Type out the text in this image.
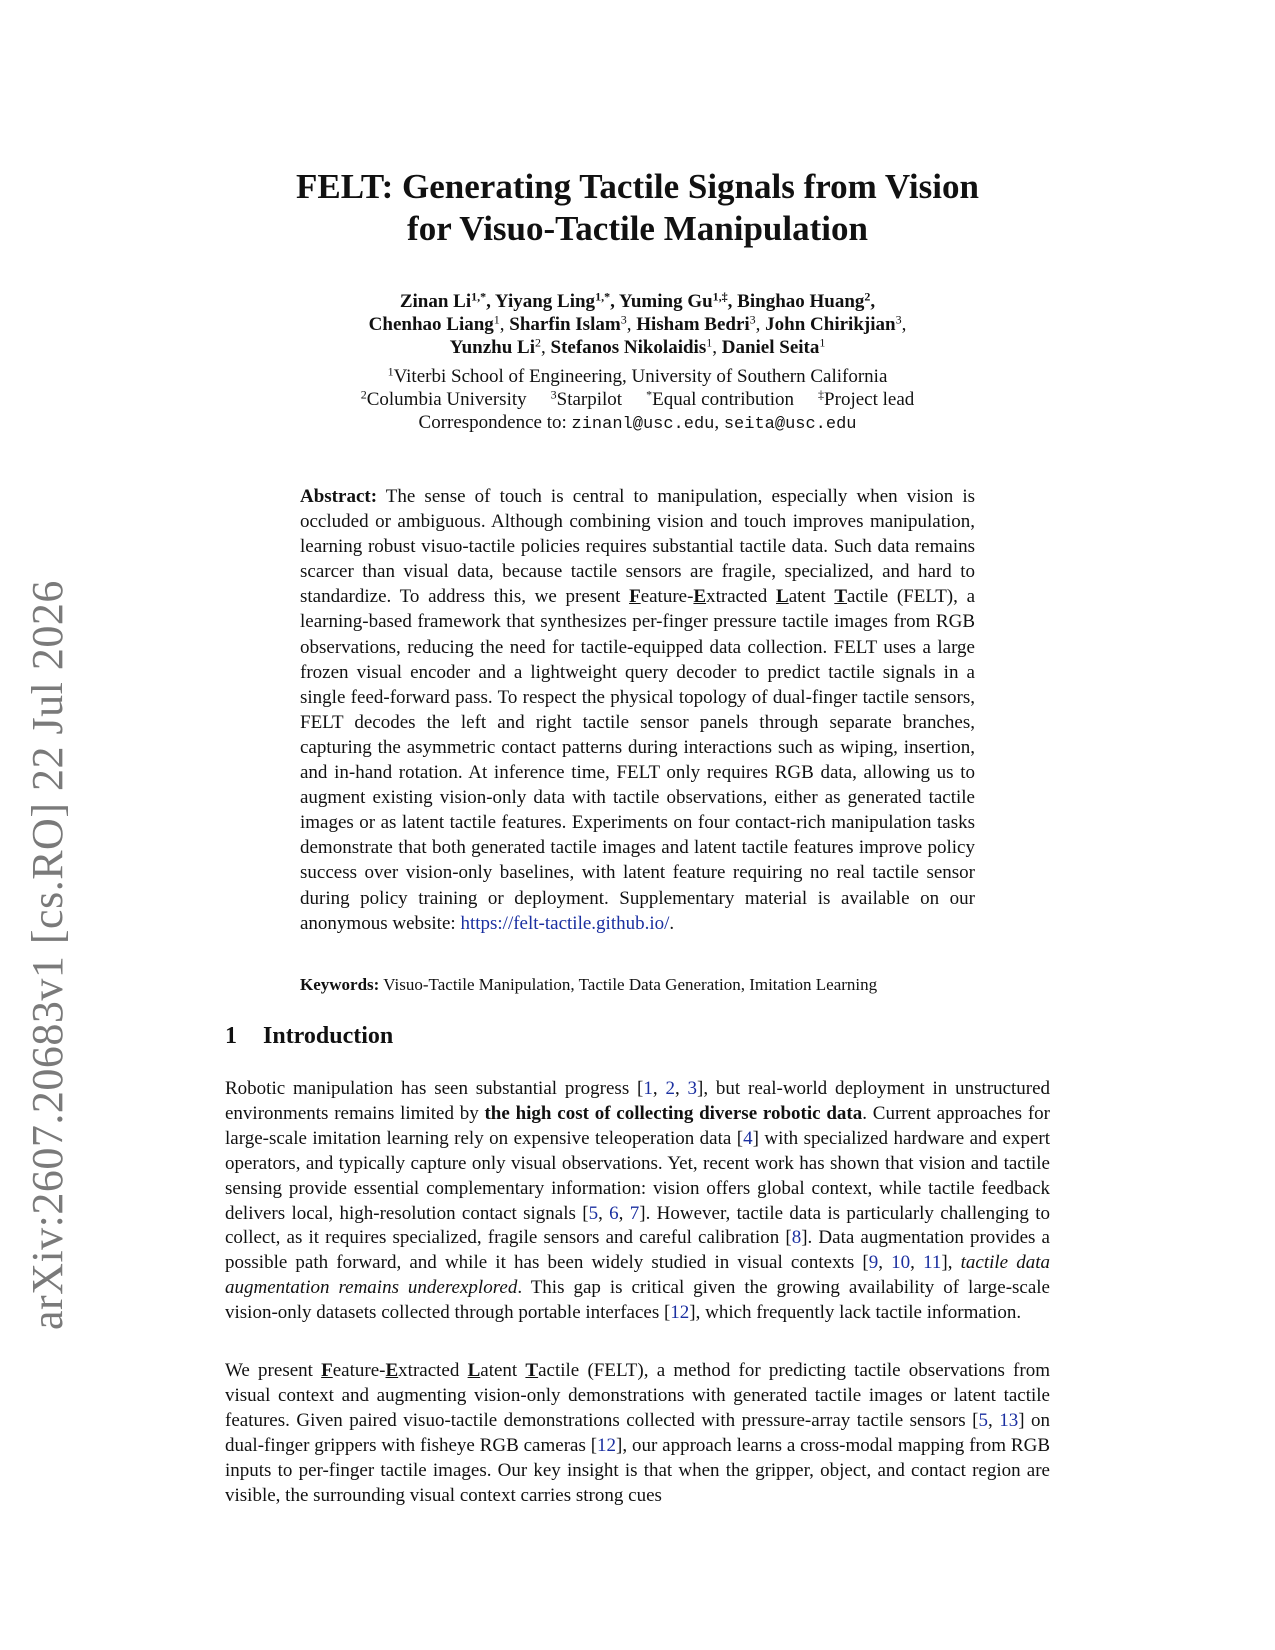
arXiv:2607.20683v1 [cs.RO] 22 Jul 2026
FELT: Generating Tactile Signals from Vision
for Visuo-Tactile Manipulation
Zinan $Li^{1,*}$, Yiyang Ling$^{1,*}$, Yuming $Gu^{1,\ddagger}$, Binghao Huang$^2$,
Chenhao Liang$^1$, Sharfin Islam$^3$, Hisham Bedri$^3$, John Chirikjian$^3$,
Yunzhu Li$^2$, Stefanos Nikolaidis$^1$, Daniel Seita$^1$
$^1$Viterbi School of Engineering, University of Southern California
$^2$Columbia University $^3$Starpilot *Equal contribution ‡Project lead
Correspondence to: zinanl@usc.edu, seita@usc.edu
Abstract: The sense of touch is central to manipulation, especially when vision is occluded or ambiguous. Although combining vision and touch improves manipulation, learning robust visuo-tactile policies requires substantial tactile data. Such data remains scarcer than visual data, because tactile sensors are fragile, specialized, and hard to standardize. To address this, we present Feature-Extracted Latent Tactile (FELT), a learning-based framework that synthesizes per-finger pressure tactile images from RGB observations, reducing the need for tactile-equipped data collection. FELT uses a large frozen visual encoder and a lightweight query decoder to predict tactile signals in a single feed-forward pass. To respect the physical topology of dual-finger tactile sensors, FELT decodes the left and right tactile sensor panels through separate branches, capturing the asymmetric contact patterns during interactions such as wiping, insertion, and in-hand rotation. At inference time, FELT only requires RGB data, allowing us to augment existing vision-only data with tactile observations, either as generated tactile images or as latent tactile features. Experiments on four contact-rich manipulation tasks demonstrate that both generated tactile images and latent tactile features improve policy success over vision-only baselines, with latent feature requiring no real tactile sensor during policy training or deployment. Supplementary material is available on our anonymous website: https://felt-tactile.github.io/.
Keywords: Visuo-Tactile Manipulation, Tactile Data Generation, Imitation Learning
1 Introduction
Robotic manipulation has seen substantial progress [1, 2, 3], but real-world deployment in unstructured environments remains limited by the high cost of collecting diverse robotic data. Current approaches for large-scale imitation learning rely on expensive teleoperation data [4] with specialized hardware and expert operators, and typically capture only visual observations. Yet, recent work has shown that vision and tactile sensing provide essential complementary information: vision offers global context, while tactile feedback delivers local, high-resolution contact signals [5, 6, 7]. However, tactile data is particularly challenging to collect, as it requires specialized, fragile sensors and careful calibration [8]. Data augmentation provides a possible path forward, and while it has been widely studied in visual contexts [9, 10, 11], tactile data augmentation remains underexplored. This gap is critical given the growing availability of large-scale vision-only datasets collected through portable interfaces [12], which frequently lack tactile information.
We present Feature-Extracted Latent Tactile (FELT), a method for predicting tactile observations from visual context and augmenting vision-only demonstrations with generated tactile images or latent tactile features. Given paired visuo-tactile demonstrations collected with pressure-array tactile sensors [5, 13] on dual-finger grippers with fisheye RGB cameras [12], our approach learns a cross-modal mapping from RGB inputs to per-finger tactile images. Our key insight is that when the gripper, object, and contact region are visible, the surrounding visual context carries strong cues
